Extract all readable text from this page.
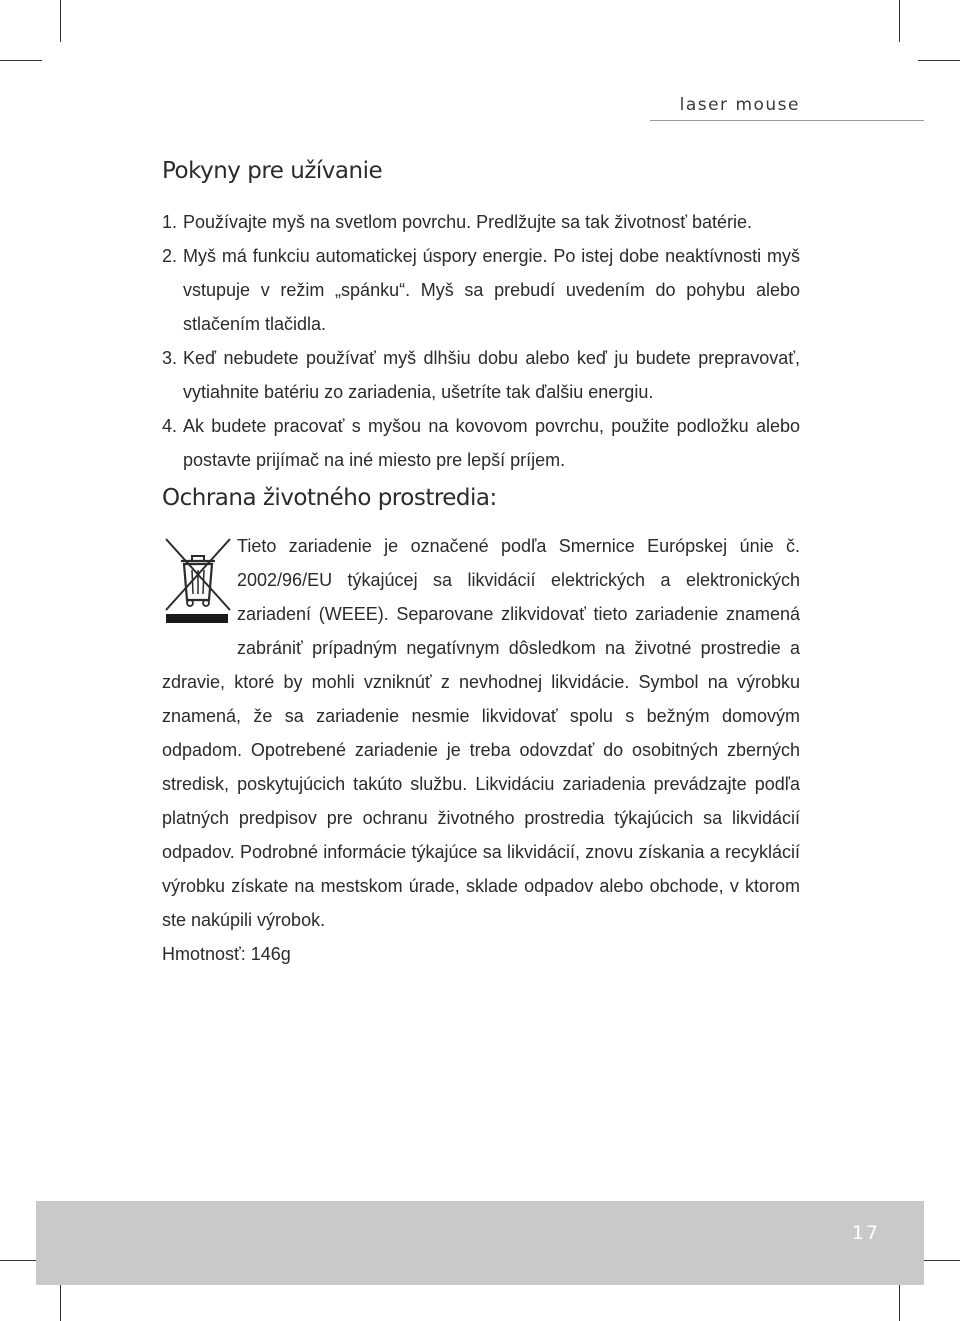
laser mouse
Pokyny pre užívanie
1. Používajte myš na svetlom povrchu. Predlžujte sa tak životnosť batérie.
2. Myš má funkciu automatickej úspory energie. Po istej dobe neaktívnosti myš vstupuje v režim „spánku“. Myš sa prebudí uvedením do pohybu alebo stlačením tlačidla.
3. Keď nebudete používať myš dlhšiu dobu alebo keď ju budete prepravovať, vytiahnite batériu zo zariadenia, ušetríte tak ďalšiu energiu.
4. Ak budete pracovať s myšou na kovovom povrchu, použite podložku alebo postavte prijímač na iné miesto pre lepší príjem.
Ochrana životného prostredia:
Tieto zariadenie je označené podľa Smernice Európskej únie č. 2002/96/EU týkajúcej sa likvidácií elektrických a elektronických zariadení (WEEE). Separovane zlikvidovať tieto zariadenie znamená zabrániť prípadným negatívnym dôsledkom na životné prostredie a zdravie, ktoré by mohli vzniknúť z nevhodnej likvidácie. Symbol na výrobku znamená, že sa zariadenie nesmie likvidovať spolu s bežným domovým odpadom. Opotrebené zariadenie je treba odovzdať do osobitných zberných stredisk, poskytujúcich takúto službu. Likvidáciu zariadenia prevádzajte podľa platných predpisov pre ochranu životného prostredia týkajúcich sa likvidácií odpadov. Podrobné informácie týkajúce sa likvidácií, znovu získania a recyklácií výrobku získate na mestskom úrade, sklade odpadov alebo obchode, v ktorom ste nakúpili výrobok.
Hmotnosť: 146g
17
